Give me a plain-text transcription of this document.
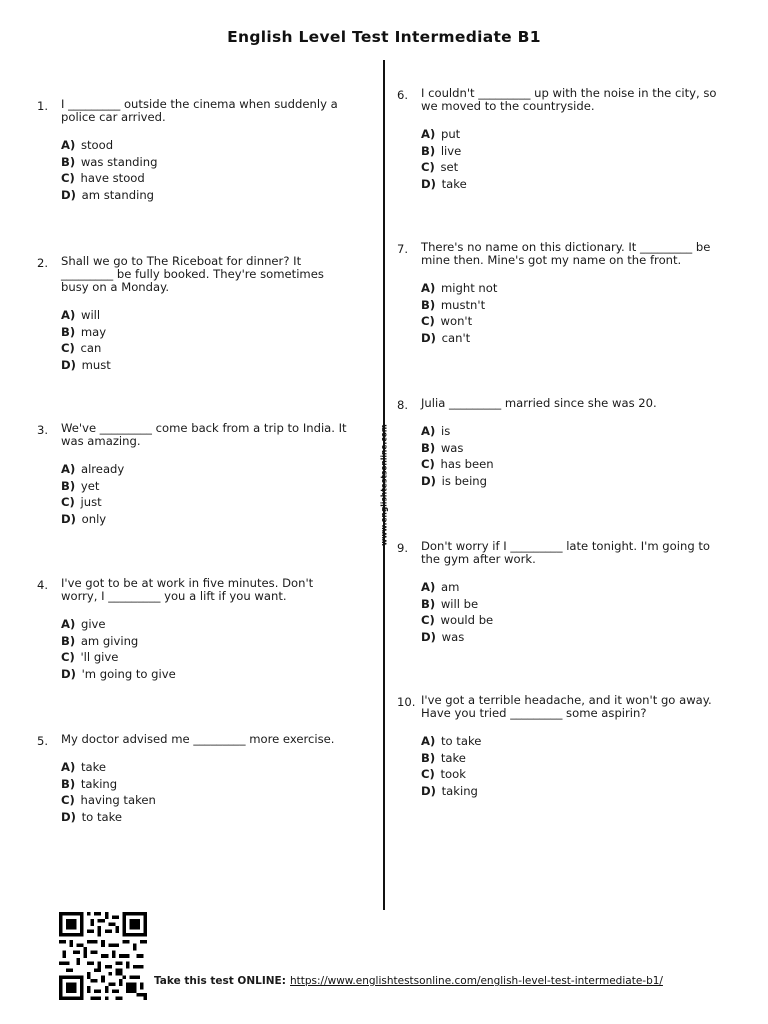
English Level Test Intermediate B1
www.englishtestsonline.com
1. I _________ outside the cinema when suddenly a police car arrived.
A) stood
B) was standing
C) have stood
D) am standing
2. Shall we go to The Riceboat for dinner? It _________ be fully booked. They're sometimes busy on a Monday.
A) will
B) may
C) can
D) must
3. We've _________ come back from a trip to India. It was amazing.
A) already
B) yet
C) just
D) only
4. I've got to be at work in five minutes. Don't worry, I _________ you a lift if you want.
A) give
B) am giving
C) 'll give
D) 'm going to give
5. My doctor advised me _________ more exercise.
A) take
B) taking
C) having taken
D) to take
6. I couldn't _________ up with the noise in the city, so we moved to the countryside.
A) put
B) live
C) set
D) take
7. There's no name on this dictionary. It _________ be mine then. Mine's got my name on the front.
A) might not
B) mustn't
C) won't
D) can't
8. Julia _________ married since she was 20.
A) is
B) was
C) has been
D) is being
9. Don't worry if I _________ late tonight. I'm going to the gym after work.
A) am
B) will be
C) would be
D) was
10. I've got a terrible headache, and it won't go away. Have you tried _________ some aspirin?
A) to take
B) take
C) took
D) taking
Take this test ONLINE: https://www.englishtestsonline.com/english-level-test-intermediate-b1/
